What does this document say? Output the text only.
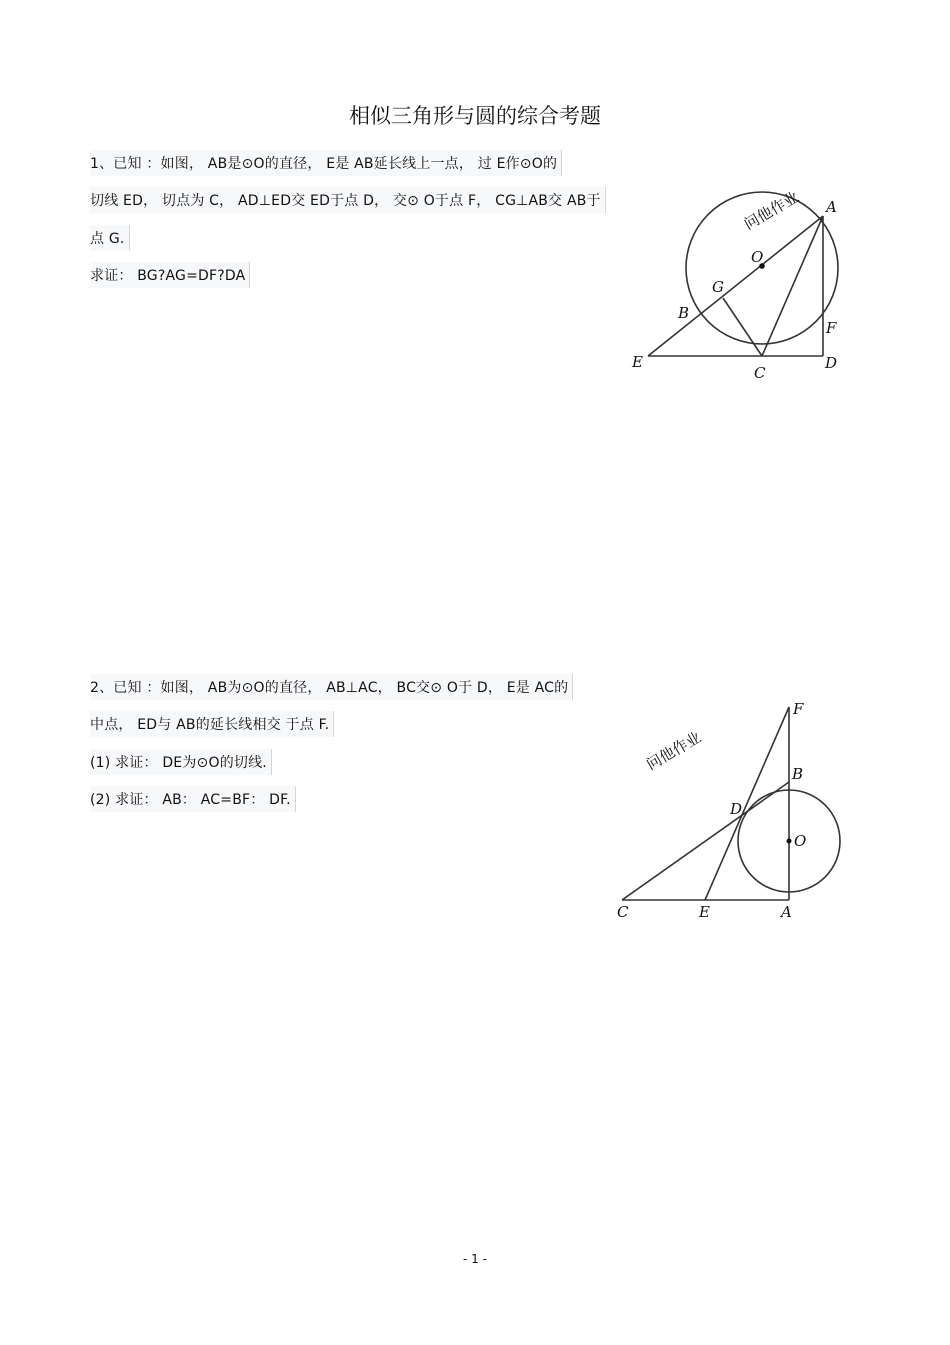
相似三角形与圆的综合考题
1、已知 ：如图， AB是⊙O的直径， E是 AB延长线上一点， 过 E作⊙O的
切线 ED， 切点为 C， AD⊥ED交 ED于点 D， 交⊙ O于点 F， CG⊥AB交 AB于
点 G.
求证： BG?AG=DF?DA
问他作业 A
O
G
B
F
E
C
D
2、已知 ：如图， AB为⊙O的直径， AB⊥AC， BC交⊙ O于 D， E是 AC的
中点， ED与 AB的延长线相交 于点 F.
(1) 求证： DE为⊙O的切线.
(2) 求证： AB： AC=BF： DF.
问他作业
F
B
D
O
C	E	A
- 1 -
